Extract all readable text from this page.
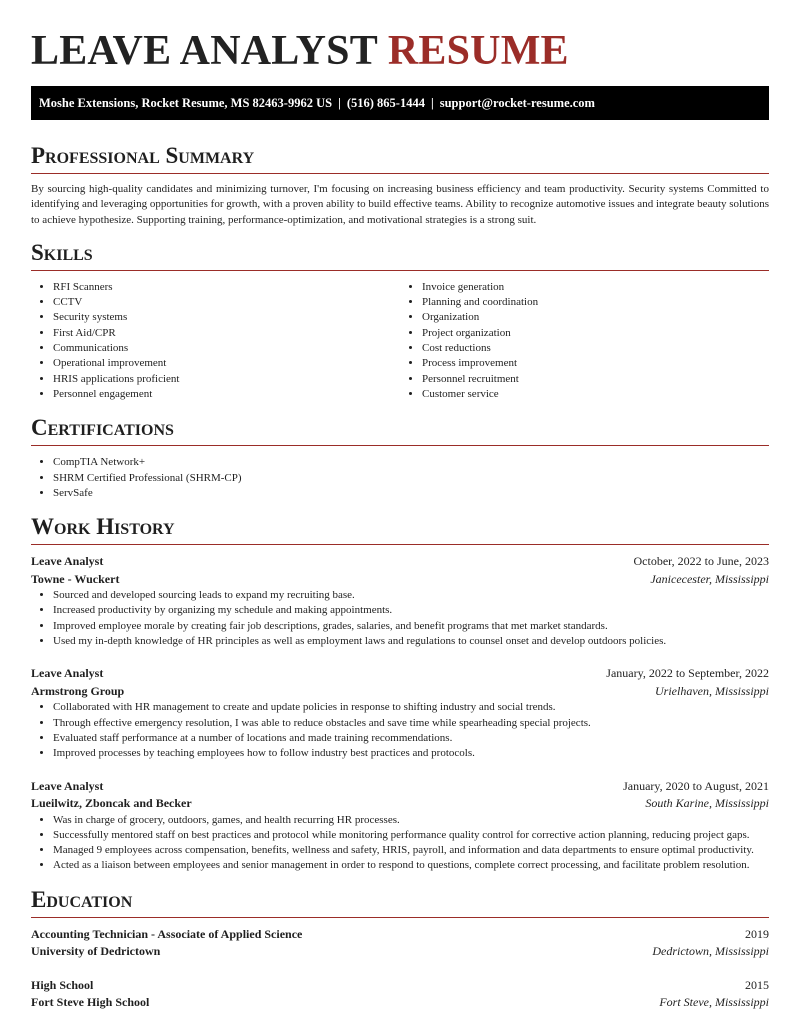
LEAVE ANALYST RESUME
Moshe Extensions, Rocket Resume, MS 82463-9962 US | (516) 865-1444 | support@rocket-resume.com
Professional Summary

By sourcing high-quality candidates and minimizing turnover, I'm focusing on increasing business efficiency and team productivity. Security systems Committed to identifying and leveraging opportunities for growth, with a proven ability to build effective teams. Ability to recognize automotive issues and integrate beauty solutions to achieve hypothesize. Supporting training, performance-optimization, and motivational strategies is a strong suit.

Skills
• RFI Scanners
• CCTV
• Security systems
• First Aid/CPR
• Communications
• Operational improvement
• HRIS applications proficient
• Personnel engagement
• Invoice generation
• Planning and coordination
• Organization
• Project organization
• Cost reductions
• Process improvement
• Personnel recruitment
• Customer service
Certifications
• CompTIA Network+
• SHRM Certified Professional (SHRM-CP)
• ServSafe
Work History
Leave Analyst	October, 2022 to June, 2023
Towne - Wuckert	Janicecester, Mississippi
• Sourced and developed sourcing leads to expand my recruiting base.
• Increased productivity by organizing my schedule and making appointments.
• Improved employee morale by creating fair job descriptions, grades, salaries, and benefit programs that met market standards.
• Used my in-depth knowledge of HR principles as well as employment laws and regulations to counsel onset and develop outdoors policies.
Leave Analyst	January, 2022 to September, 2022
Armstrong Group	Urielhaven, Mississippi
• Collaborated with HR management to create and update policies in response to shifting industry and social trends.
• Through effective emergency resolution, I was able to reduce obstacles and save time while spearheading special projects.
• Evaluated staff performance at a number of locations and made training recommendations.
• Improved processes by teaching employees how to follow industry best practices and protocols.
Leave Analyst	January, 2020 to August, 2021
Lueilwitz, Zboncak and Becker	South Karine, Mississippi
• Was in charge of grocery, outdoors, games, and health recurring HR processes.
• Successfully mentored staff on best practices and protocol while monitoring performance quality control for corrective action planning, reducing project gaps.
• Managed 9 employees across compensation, benefits, wellness and safety, HRIS, payroll, and information and data departments to ensure optimal productivity.
• Acted as a liaison between employees and senior management in order to respond to questions, complete correct processing, and facilitate problem resolution.
Education
Accounting Technician - Associate of Applied Science	2019
University of Dedrictown	Dedrictown, Mississippi
High School	2015
Fort Steve High School	Fort Steve, Mississippi
